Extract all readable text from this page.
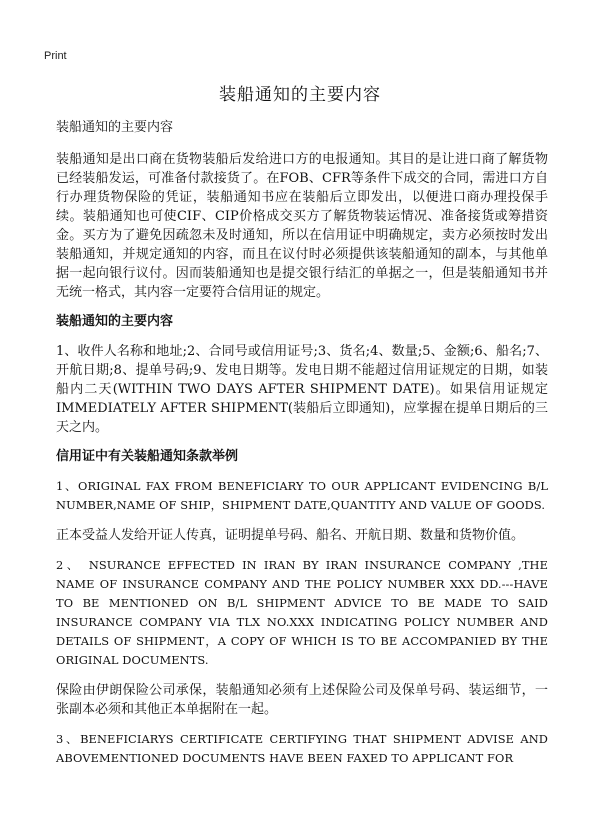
Print
装船通知的主要内容
装船通知的主要内容

装船通知是出口商在货物装船后发给进口方的电报通知。其目的是让进口商了解货物已经装船发运，可准备付款接货了。在FOB、CFR等条件下成交的合同，需进口方自行办理货物保险的凭证，装船通知书应在装船后立即发出，以便进口商办理投保手续。装船通知也可使CIF、CIP价格成交买方了解货物装运情况、准备接货或筹措资金。买方为了避免因疏忽未及时通知，所以在信用证中明确规定，卖方必须按时发出装船通知，并规定通知的内容，而且在议付时必须提供该装船通知的副本，与其他单据一起向银行议付。因而装船通知也是提交银行结汇的单据之一，但是装船通知书并无统一格式，其内容一定要符合信用证的规定。

装船通知的主要内容

1、收件人名称和地址;2、合同号或信用证号;3、货名;4、数量;5、金额;6、船名;7、开航日期;8、提单号码;9、发电日期等。发电日期不能超过信用证规定的日期，如装船内二天(WITHIN TWO DAYS AFTER SHIPMENT DATE)。如果信用证规定IMMEDIATELY AFTER SHIPMENT(装船后立即通知)，应掌握在提单日期后的三天之内。

信用证中有关装船通知条款举例

1、ORIGINAL FAX FROM BENEFICIARY TO OUR APPLICANT EVIDENCING B/L NUMBER,NAME OF SHIP，SHIPMENT DATE,QUANTITY AND VALUE OF GOODS.

正本受益人发给开证人传真，证明提单号码、船名、开航日期、数量和货物价值。

2、 NSURANCE EFFECTED IN IRAN BY IRAN INSURANCE COMPANY ,THE NAME OF INSURANCE COMPANY AND THE POLICY NUMBER XXX DD.---HAVE TO BE MENTIONED ON B/L SHIPMENT ADVICE TO BE MADE TO SAID INSURANCE COMPANY VIA TLX NO.XXX INDICATING POLICY NUMBER AND DETAILS OF SHIPMENT，A COPY OF WHICH IS TO BE ACCOMPANIED BY THE ORIGINAL DOCUMENTS.

保险由伊朗保险公司承保，装船通知必须有上述保险公司及保单号码、装运细节，一张副本必须和其他正本单据附在一起。

3、BENEFICIARYS CERTIFICATE CERTIFYING THAT SHIPMENT ADVISE AND ABOVEMENTIONED DOCUMENTS HAVE BEEN FAXED TO APPLICANT FOR
